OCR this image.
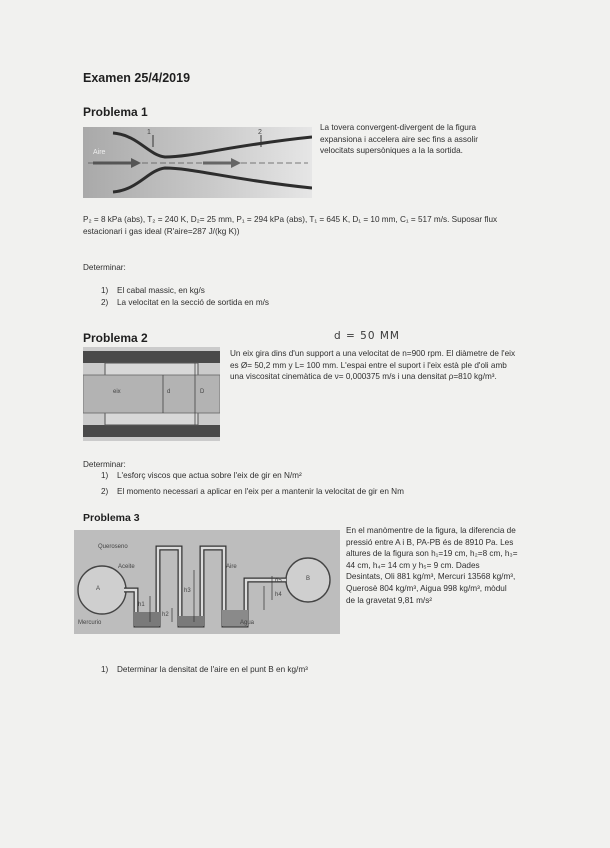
Examen 25/4/2019
Problema 1
Aire
1	2
La tovera convergent-divergent de la figura expansiona i accelera aire sec fins a assolir velocitats supersòniques a la la sortida.
P₂ = 8 kPa (abs), T₂ = 240 K, D₂= 25 mm, P₁ = 294 kPa (abs), T₁ = 645 K, D₁ = 10 mm, C₁ = 517 m/s. Suposar flux estacionari i gas ideal (R'aire=287 J/(kg K))
Determinar:
1) El cabal massic, en kg/s
2) La velocitat en la secció de sortida en m/s
Problema 2	d = 50 MM
eix	d	D
Un eix gira dins d'un support a una velocitat de n=900 rpm. El diàmetre de l'eix es Ø= 50,2 mm y L= 100 mm. L'espai entre el suport i l'eix està ple d'oli amb una viscositat cinemàtica de ν= 0,000375 m/s i una densitat ρ=810 kg/m³.
Determinar:
1) L'esforç viscos que actua sobre l'eix de gir en N/m²
2) El momento necessari a aplicar en l'eix per a mantenir la velocitat de gir en Nm
Problema 3
Queroseno
Aceite	Aire
Mercurio	Agua
A
B
h1
h2
h3
h4
h5
En el manòmentre de la figura, la diferencia de pressió entre A i B, PA-PB és de 8910 Pa. Les altures de la figura son h₁=19 cm, h₂=8 cm, h₃= 44 cm, h₄= 14 cm y h₅= 9 cm. Dades Desintats, Oli 881 kg/m³, Mercuri 13568 kg/m³, Querosè 804 kg/m³, Aigua 998 kg/m³, mòdul de la gravetat 9,81 m/s²
1) Determinar la densitat de l'aire en el punt B en kg/m³
